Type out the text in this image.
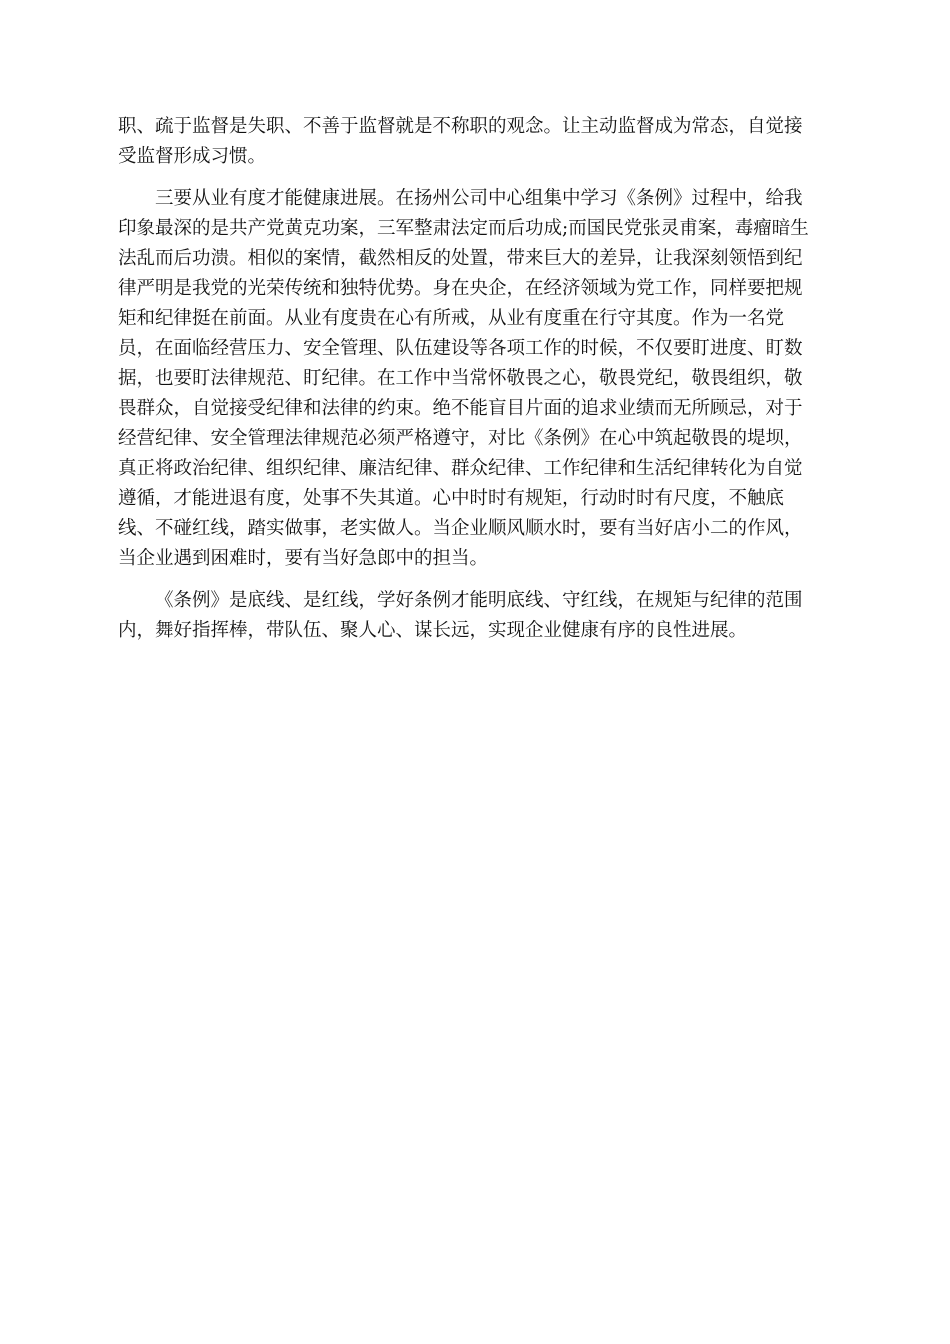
职、疏于监督是失职、不善于监督就是不称职的观念。让主动监督成为常态，自觉接
受监督形成习惯。

三要从业有度才能健康进展。在扬州公司中心组集中学习《条例》过程中，给我
印象最深的是共产党黄克功案，三军整肃法定而后功成;而国民党张灵甫案，毒瘤暗生
法乱而后功溃。相似的案情，截然相反的处置，带来巨大的差异，让我深刻领悟到纪
律严明是我党的光荣传统和独特优势。身在央企，在经济领域为党工作，同样要把规
矩和纪律挺在前面。从业有度贵在心有所戒，从业有度重在行守其度。作为一名党
员，在面临经营压力、安全管理、队伍建设等各项工作的时候，不仅要盯进度、盯数
据，也要盯法律规范、盯纪律。在工作中当常怀敬畏之心，敬畏党纪，敬畏组织，敬
畏群众，自觉接受纪律和法律的约束。绝不能盲目片面的追求业绩而无所顾忌，对于
经营纪律、安全管理法律规范必须严格遵守，对比《条例》在心中筑起敬畏的堤坝，
真正将政治纪律、组织纪律、廉洁纪律、群众纪律、工作纪律和生活纪律转化为自觉
遵循，才能进退有度，处事不失其道。心中时时有规矩，行动时时有尺度，不触底
线、不碰红线，踏实做事，老实做人。当企业顺风顺水时，要有当好店小二的作风，
当企业遇到困难时，要有当好急郎中的担当。

《条例》是底线、是红线，学好条例才能明底线、守红线，在规矩与纪律的范围
内，舞好指挥棒，带队伍、聚人心、谋长远，实现企业健康有序的良性进展。
